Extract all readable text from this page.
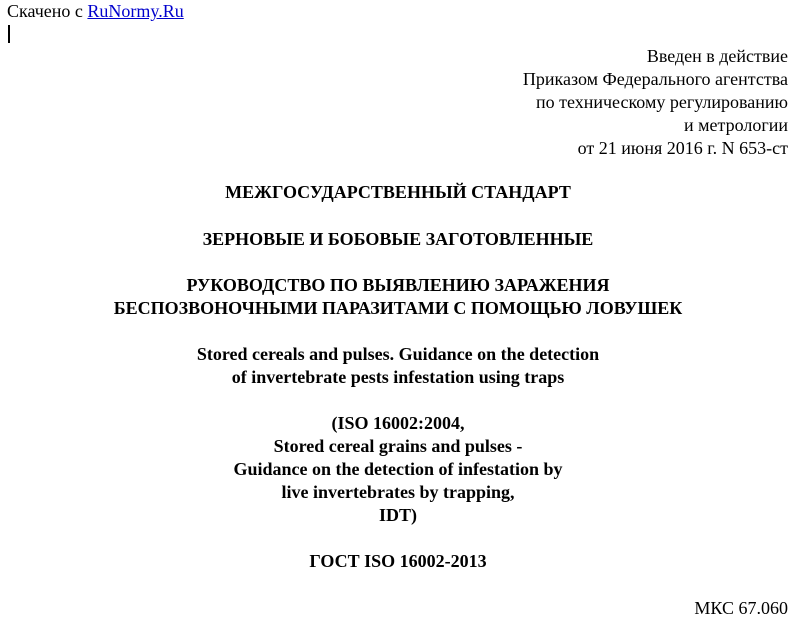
Скачено с RuNormy.Ru
Введен в действие
Приказом Федерального агентства
по техническому регулированию
и метрологии
от 21 июня 2016 г. N 653-ст
МЕЖГОСУДАРСТВЕННЫЙ СТАНДАРТ
ЗЕРНОВЫЕ И БОБОВЫЕ ЗАГОТОВЛЕННЫЕ
РУКОВОДСТВО ПО ВЫЯВЛЕНИЮ ЗАРАЖЕНИЯ
БЕСПОЗВОНОЧНЫМИ ПАРАЗИТАМИ С ПОМОЩЬЮ ЛОВУШЕК
Stored cereals and pulses. Guidance on the detection
of invertebrate pests infestation using traps
(ISO 16002:2004,
Stored cereal grains and pulses -
Guidance on the detection of infestation by
live invertebrates by trapping,
IDT)
ГОСТ ISO 16002-2013
МКС 67.060
